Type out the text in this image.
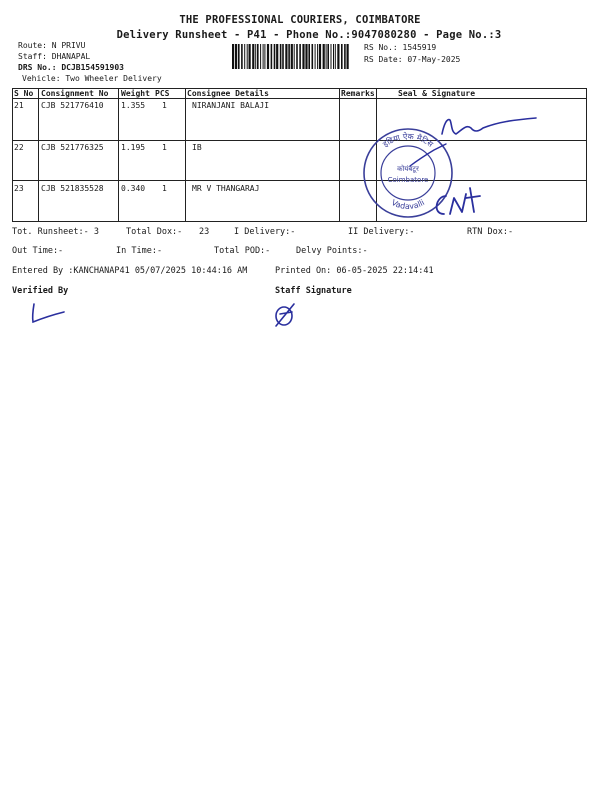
THE PROFESSIONAL COURIERS, COIMBATORE
Delivery Runsheet - P41 - Phone No.:9047080280 - Page No.:3
Route: N PRIVU
Staff: DHANAPAL
DRS No.: DCJB154591903
Vehicle: Two Wheeler Delivery
RS No.: 1545919
RS Date: 07-May-2025
S No Consignment No Weight PCS Consignee Details	Remarks	Seal & Signature
21 CJB 521776410 1.355 1	NIRANJANI BALAJI
22 CJB 521776325 1.195 1	IB
23 CJB 521835528 0.340 1	MR V THANGARAJ
इंडिया ऐक मैटिस
Vadavalli
कोयंबटूर
Coimbatore
Tot. Runsheet:- 3	Total Dox:- 23	I Delivery:-	II Delivery:-	RTN Dox:-
Out Time:-	In Time:-	Total POD:-	Delvy Points:-
Entered By :KANCHANAP41 05/07/2025 10:44:16 AM	Printed On: 06-05-2025 22:14:41
Verified By	Staff Signature
